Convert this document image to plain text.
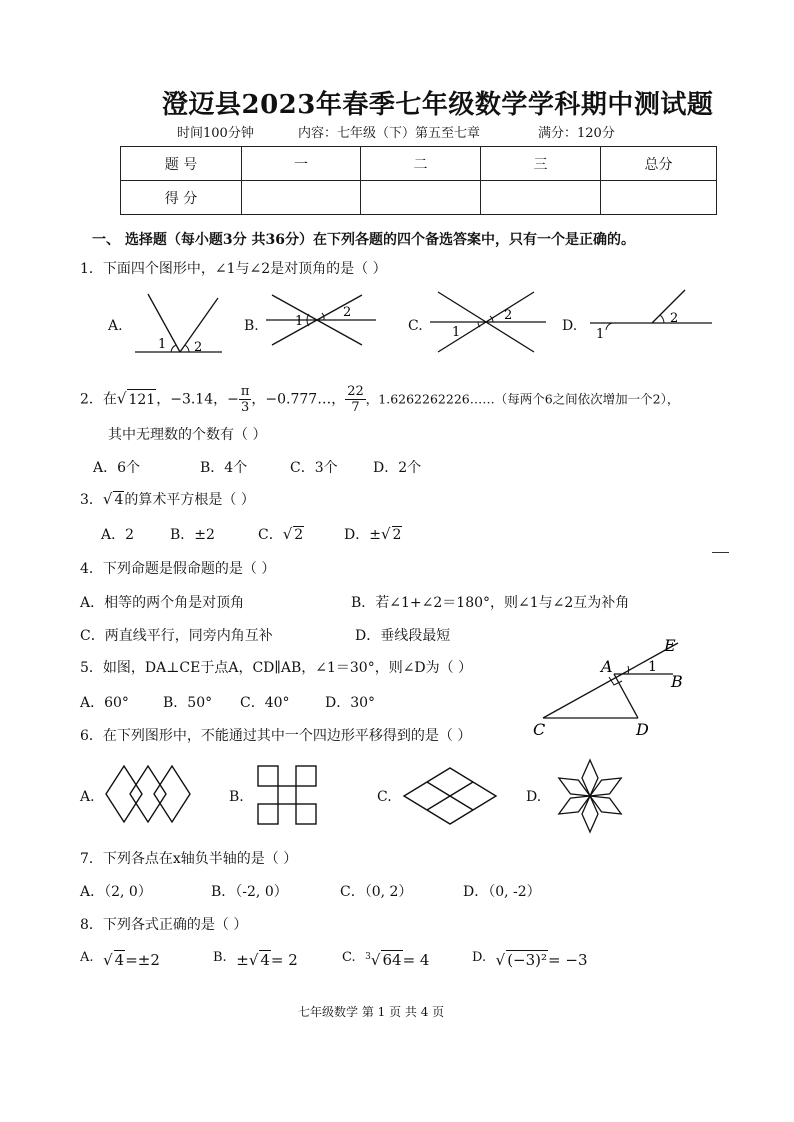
澄迈县2023年春季七年级数学学科期中测试题
时间100分钟	内容：七年级（下）第五至七章	满分：120分
题 号	一	二	三	总分
得 分				
一、 选择题（每小题3分 共36分）在下列各题的四个备选答案中，只有一个是正确的。
1．下面四个图形中，∠1与∠2是对顶角的是（ ）
A.	B.	C.	D.
1 2
1
2
1
2
1
2
2．在√ 121，−3.14，− $\frac{\pi}{3}$ ，−0.777…， $\frac{22}{7}$ ，1.6262262226……（每两个6之间依次增加一个2），
其中无理数的个数有（ ）
A．6个	B．4个	C．3个	D．2个
3．√ 4的算术平方根是（ ）
A．2	B．±2	C．√ 2	D．±√ 2
4．下列命题是假命题的是（ ）
A．相等的两个角是对顶角	B．若∠1+∠2＝180°，则∠1与∠2互为补角
C．两直线平行，同旁内角互补	D．垂线段最短
5．如图，DA⊥CE于点A，CD∥AB，∠1＝30°，则∠D为（ ）
A．60° B．50° C．40°	D．30°
A
B
C	D
E
1
6．在下列图形中，不能通过其中一个四边形平移得到的是（ ）
A.	B.	C.	D.
7．下列各点在x轴负半轴的是（ ）
A．（2, 0）	B．（-2, 0）	C．（0, 2）	D．（0, -2）
8．下列各式正确的是（ ）
A. √ 4=±2	B. ±√ 4= 2	C. $^3$√ 64= 4	D. √ (−3)²= −3
七年级数学 第 1 页 共 4 页
